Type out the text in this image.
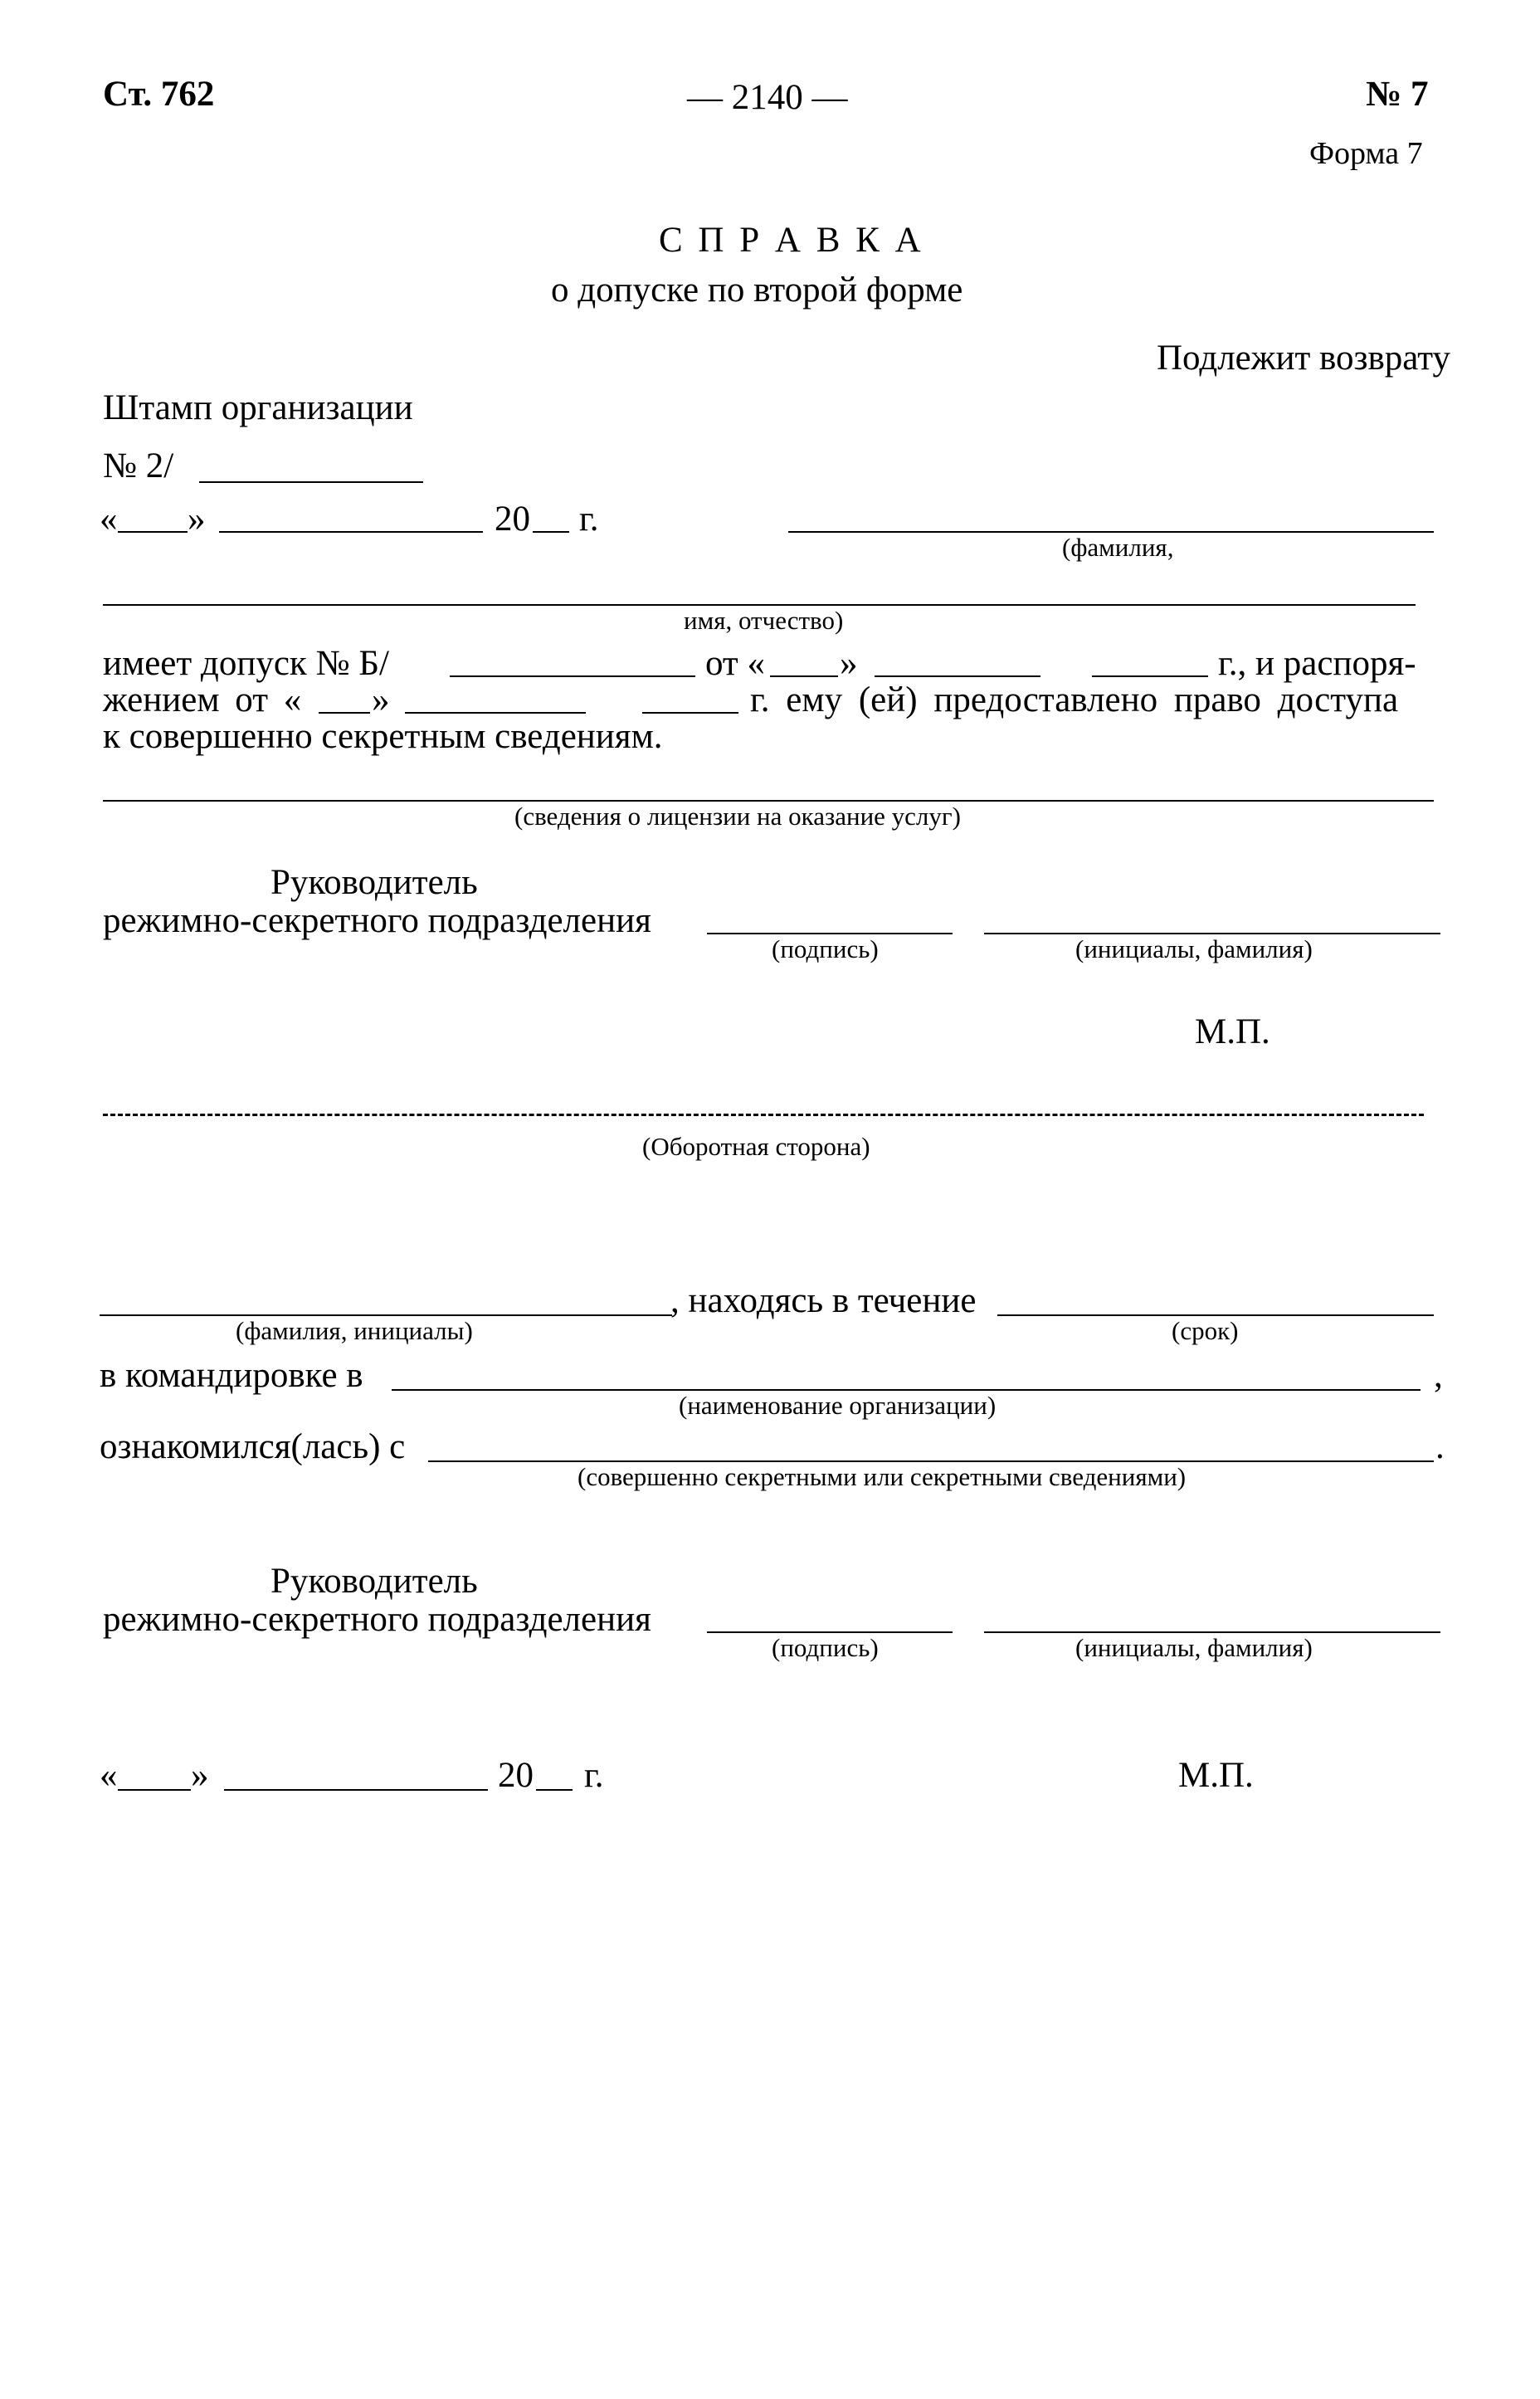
Ст. 762	— 2140 —	№ 7
Форма 7
С П Р А В К А
о допуске по второй форме
Подлежит возврату
Штамп организации
№ 2/
« »	20 г.
(фамилия,
имя, отчество)
имеет допуск № Б/	от « »	г., и распоря-
жением от « »	г. ему (ей) предоставлено право доступа
к совершенно секретным сведениям.
(сведения о лицензии на оказание услуг)
Руководитель
режимно-секретного подразделения
(подпись)	(инициалы, фамилия)
М.П.
(Оборотная сторона)
, находясь в течение
(фамилия, инициалы)	(срок)
в командировке в	,
(наименование организации)
ознакомился(лась) с	.
(совершенно секретными или секретными сведениями)
Руководитель
режимно-секретного подразделения
(подпись)	(инициалы, фамилия)
« »	20 г.	М.П.
